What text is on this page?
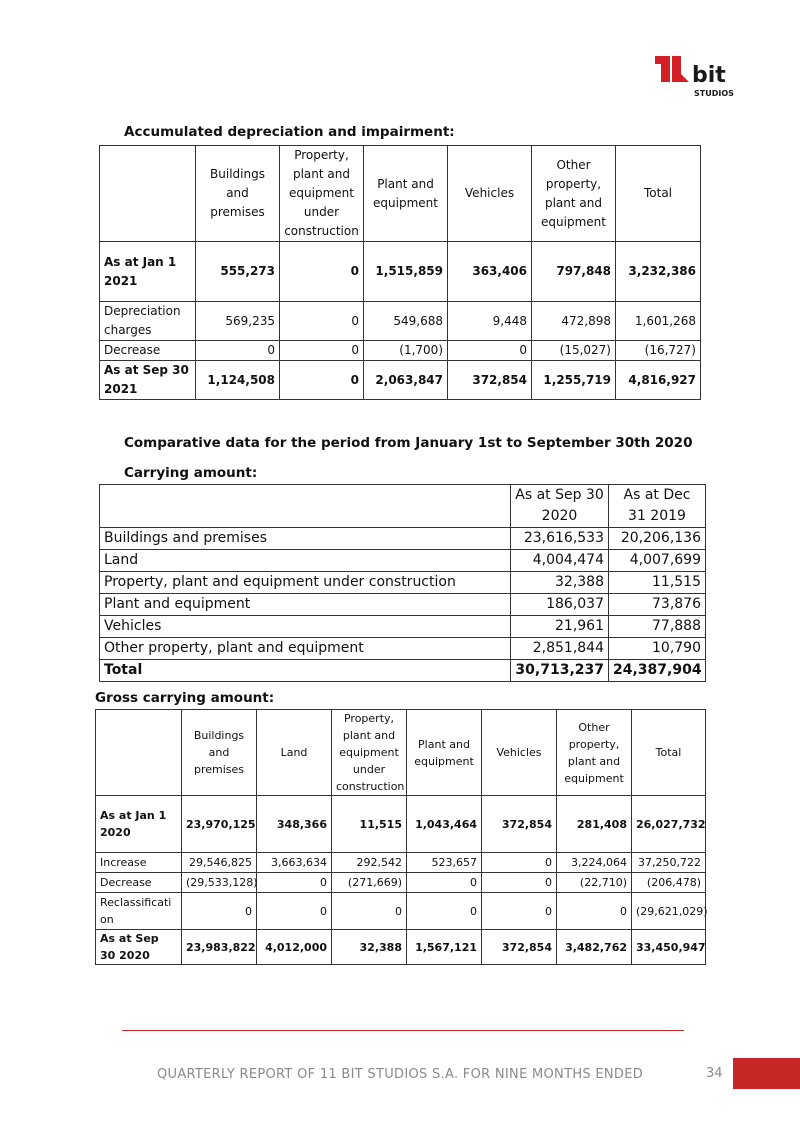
bit
STUDIOS
Accumulated depreciation and impairment:
	Buildings and premises	Property, plant and equipment under construction	Plant and equipment	Vehicles	Other property, plant and equipment	Total
As at Jan 1 2021	555,273	0	1,515,859	363,406	797,848	3,232,386
Depreciation charges	569,235	0	549,688	9,448	472,898	1,601,268
Decrease	0	0	(1,700)	0	(15,027)	(16,727)
As at Sep 30 2021	1,124,508	0	2,063,847	372,854	1,255,719	4,816,927
Comparative data for the period from January 1st to September 30th 2020
Carrying amount:
	As at Sep 30 2020	As at Dec 31 2019
Buildings and premises	23,616,533	20,206,136
Land	4,004,474	4,007,699
Property, plant and equipment under construction	32,388	11,515
Plant and equipment	186,037	73,876
Vehicles	21,961	77,888
Other property, plant and equipment	2,851,844	10,790
Total	30,713,237	24,387,904
Gross carrying amount:
	Buildings and premises	Land	Property, plant and equipment under construction	Plant and equipment	Vehicles	Other property, plant and equipment	Total
As at Jan 1 2020	23,970,125	348,366	11,515	1,043,464	372,854	281,408	26,027,732
Increase	29,546,825	3,663,634	292,542	523,657	0	3,224,064	37,250,722
Decrease	(29,533,128)	0	(271,669)	0	0	(22,710)	(206,478)
Reclassification	0	0	0	0	0	0	(29,621,029)
As at Sep 30 2020	23,983,822	4,012,000	32,388	1,567,121	372,854	3,482,762	33,450,947
QUARTERLY REPORT OF 11 BIT STUDIOS S.A. FOR NINE MONTHS ENDED	34
